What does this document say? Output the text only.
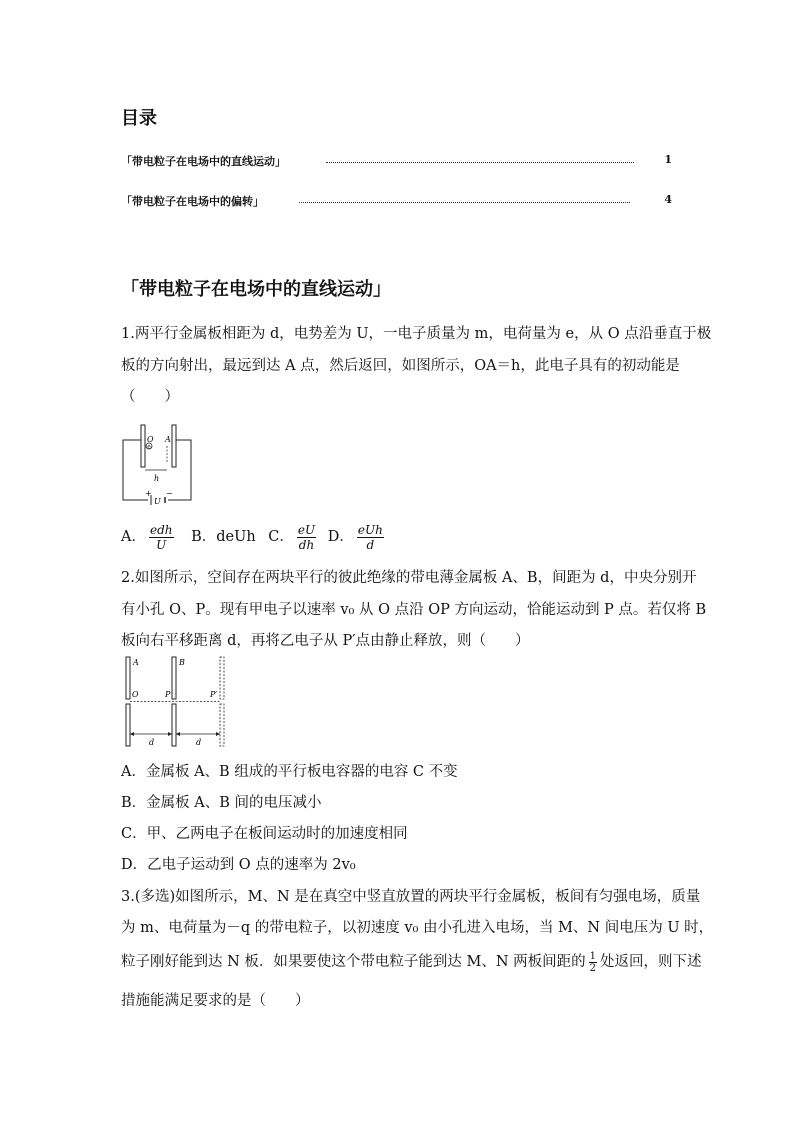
目录
「带电粒子在电场中的直线运动」	1
「带电粒子在电场中的偏转」	4
「带电粒子在电场中的直线运动」
1.两平行金属板相距为 d，电势差为 U，一电子质量为 m，电荷量为 e，从 O 点沿垂直于极
板的方向射出，最远到达 A 点，然后返回，如图所示，OA＝h，此电子具有的初动能是
（　　）
O
e
A
h
+ −
U
A． $\frac{\text{edh}}{U}$ B．deUh C． $\frac{eU}{dh}$ D． $\frac{\text{eUh}}{d}$
2.如图所示，空间存在两块平行的彼此绝缘的带电薄金属板 A、B，间距为 d，中央分别开
有小孔 O、P。现有甲电子以速率 v₀ 从 O 点沿 OP 方向运动，恰能运动到 P 点。若仅将 B
板向右平移距离 d，再将乙电子从 P′点由静止释放，则（　　）
A	B
O	P	P′
d	d
A．金属板 A、B 组成的平行板电容器的电容 C 不变
B．金属板 A、B 间的电压减小
C．甲、乙两电子在板间运动时的加速度相同
D．乙电子运动到 O 点的速率为 2v₀
3.(多选)如图所示，M、N 是在真空中竖直放置的两块平行金属板，板间有匀强电场，质量
为 m、电荷量为－q 的带电粒子，以初速度 v₀ 由小孔进入电场，当 M、N 间电压为 U 时，
粒子刚好能到达 N 板．如果要使这个带电粒子能到达 M、N 两板间距的 $\frac{1}{2}$ 处返回，则下述
措施能满足要求的是（　　）
